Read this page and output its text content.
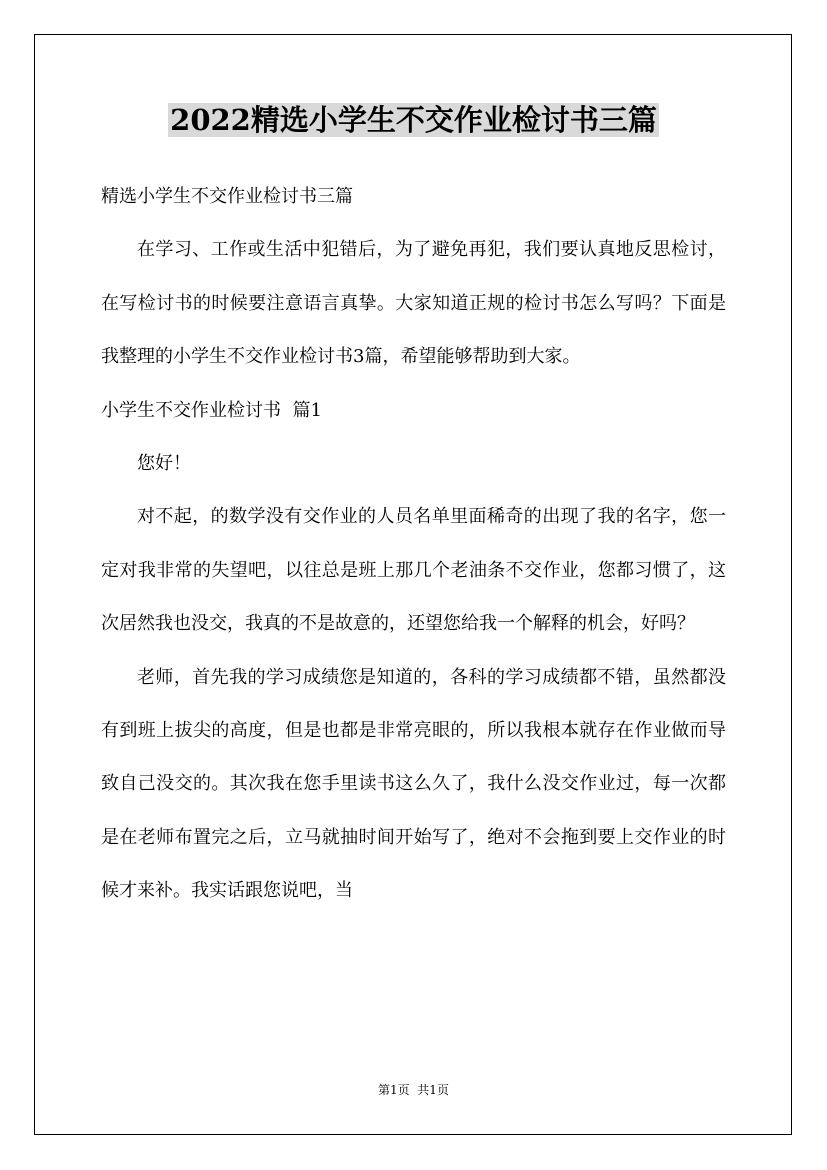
2022精选小学生不交作业检讨书三篇

精选小学生不交作业检讨书三篇

在学习、工作或生活中犯错后，为了避免再犯，我们要认真地反思检讨，在写检讨书的时候要注意语言真挚。大家知道正规的检讨书怎么写吗？下面是我整理的小学生不交作业检讨书3篇，希望能够帮助到大家。

小学生不交作业检讨书  篇1

您好！

对不起，的数学没有交作业的人员名单里面稀奇的出现了我的名字，您一定对我非常的失望吧，以往总是班上那几个老油条不交作业，您都习惯了，这次居然我也没交，我真的不是故意的，还望您给我一个解释的机会，好吗？

老师，首先我的学习成绩您是知道的，各科的学习成绩都不错，虽然都没有到班上拔尖的高度，但是也都是非常亮眼的，所以我根本就存在作业做而导致自己没交的。其次我在您手里读书这么久了，我什么没交作业过，每一次都是在老师布置完之后，立马就抽时间开始写了，绝对不会拖到要上交作业的时候才来补。我实话跟您说吧，当

第1页  共1页
